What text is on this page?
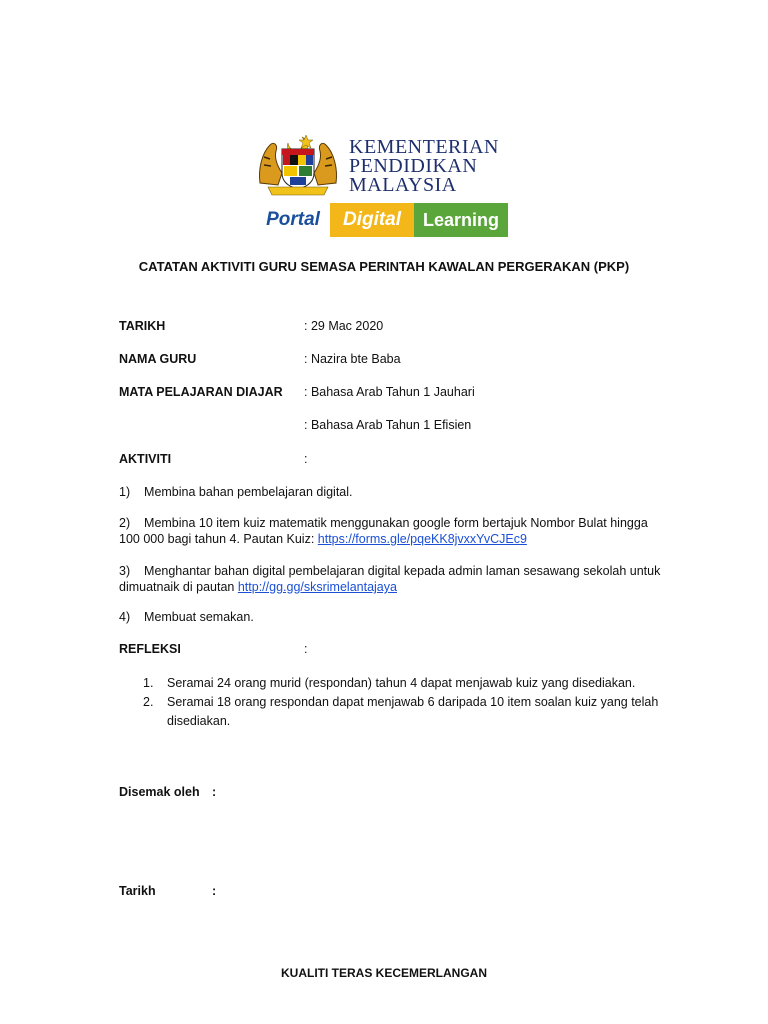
KEMENTERIAN
PENDIDIKAN
MALAYSIA
Portal	Digital	Learning
CATATAN AKTIVITI GURU SEMASA PERINTAH KAWALAN PERGERAKAN (PKP)
TARIKH	: 29 Mac 2020
NAMA GURU	: Nazira bte Baba
MATA PELAJARAN DIAJAR : Bahasa Arab Tahun 1 Jauhari
: Bahasa Arab Tahun 1 Efisien
AKTIVITI	:
1) Membina bahan pembelajaran digital.
2) Membina 10 item kuiz matematik menggunakan google form bertajuk Nombor Bulat hingga
100 000 bagi tahun 4. Pautan Kuiz: https://forms.gle/pqeKK8jvxxYvCJEc9
3) Menghantar bahan digital pembelajaran digital kepada admin laman sesawang sekolah untuk
dimuatnaik di pautan http://gg.gg/sksrimelantajaya
4) Membuat semakan.
REFLEKSI	:
1. Seramai 24 orang murid (respondan) tahun 4 dapat menjawab kuiz yang disediakan.
2. Seramai 18 orang respondan dapat menjawab 6 daripada 10 item soalan kuiz yang telah
disediakan.
Disemak oleh :
Tarikh	:
KUALITI TERAS KECEMERLANGAN
